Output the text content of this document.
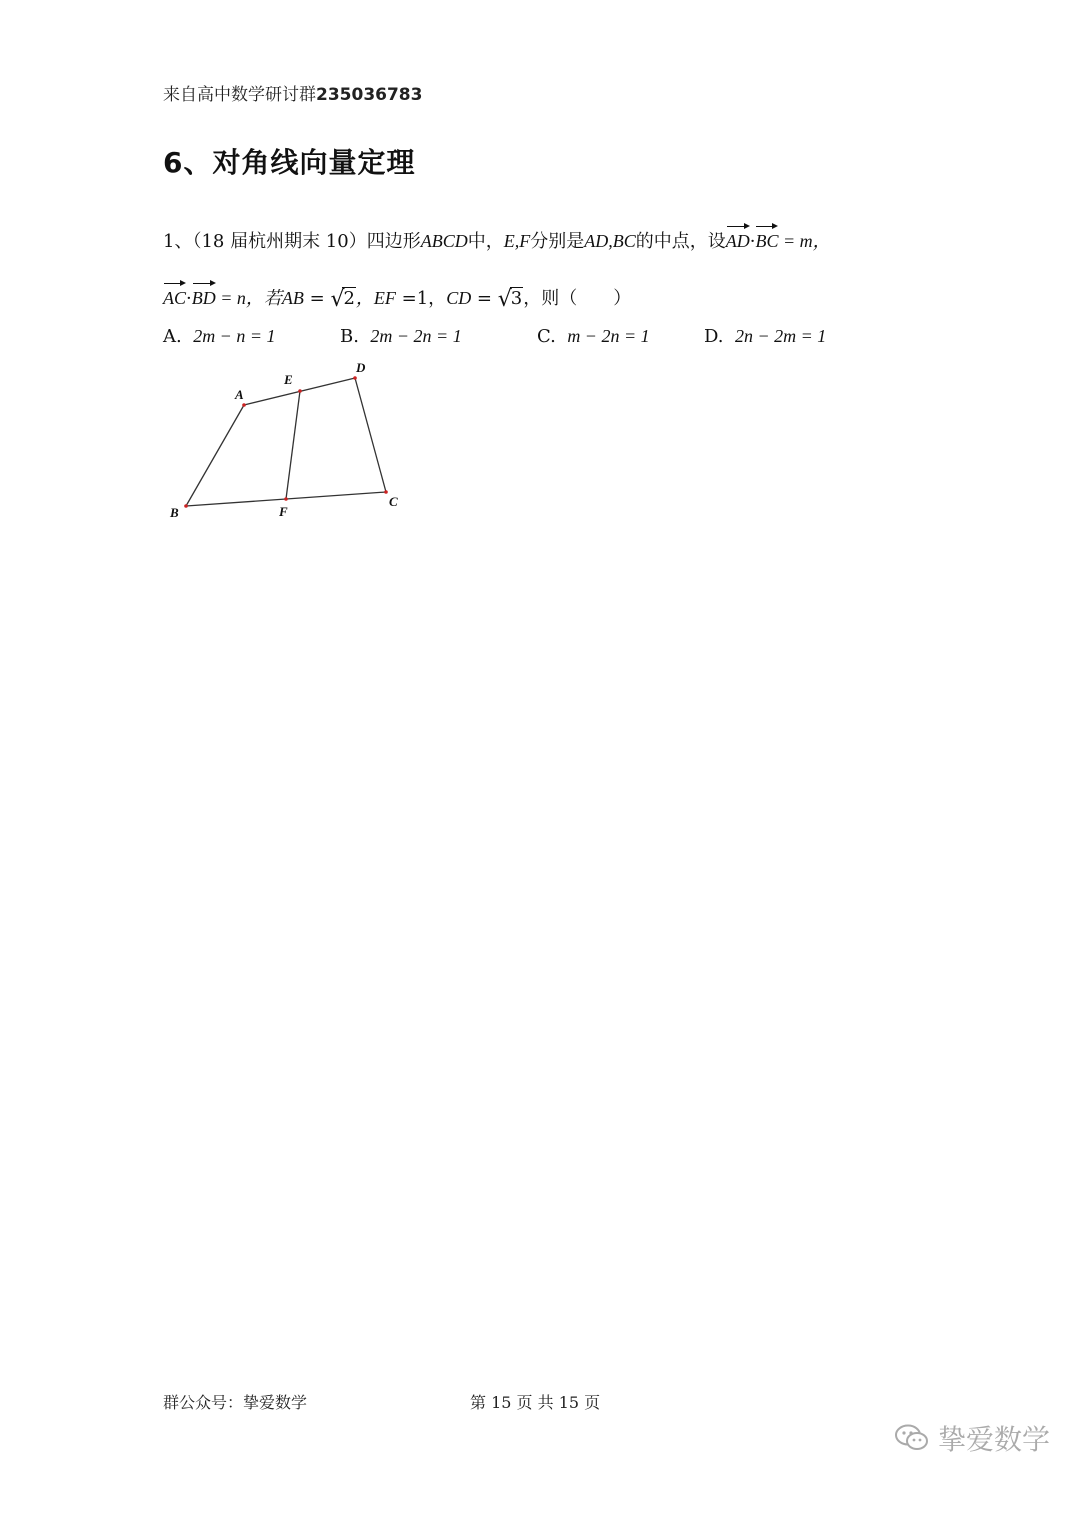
来自高中数学研讨群235036783
6、对角线向量定理
1、（18 届杭州期末 10）四边形ABCD中，E,F分别是AD,BC的中点，设AD·BC = m，
AC·BD = n，若AB = √2，EF =1，CD = √3，则（　　）
A. 2m − n = 1	B. 2m − 2n = 1	C. m − 2n = 1	D. 2n − 2m = 1
A
B
C
D
E
F
群公众号：挚爱数学	第 15 页 共 15 页
挚爱数学
